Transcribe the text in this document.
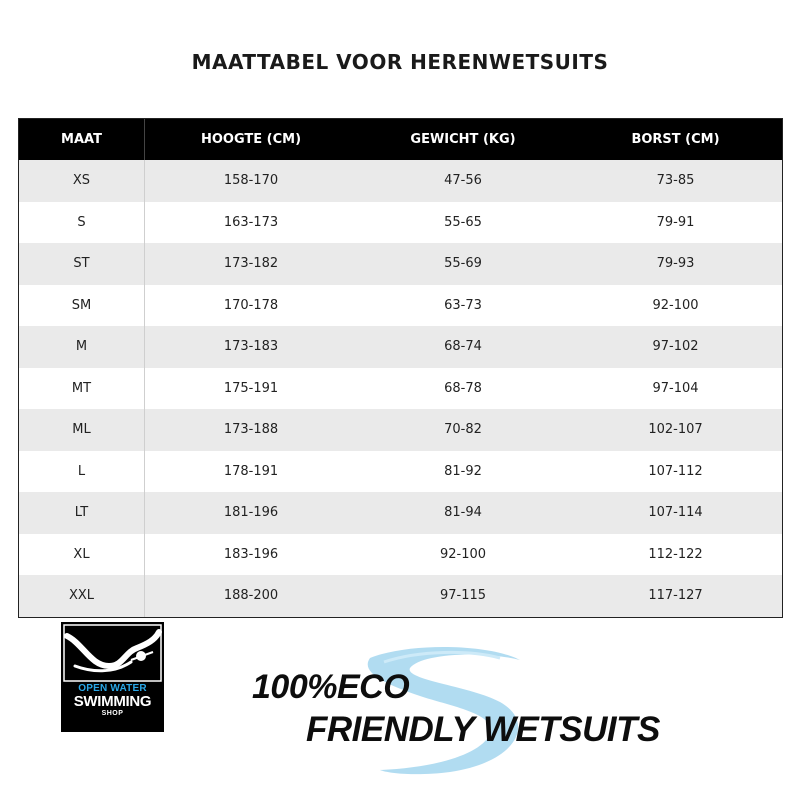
MAATTABEL VOOR HERENWETSUITS
MAAT	HOOGTE (CM)	GEWICHT (KG)	BORST (CM)
XS	158-170	47-56	73-85
S	163-173	55-65	79-91
ST	173-182	55-69	79-93
SM	170-178	63-73	92-100
M	173-183	68-74	97-102
MT	175-191	68-78	97-104
ML	173-188	70-82	102-107
L	178-191	81-92	107-112
LT	181-196	81-94	107-114
XL	183-196	92-100	112-122
XXL	188-200	97-115	117-127
OPEN WATER
SWIMMING
SHOP
100%ECO
FRIENDLY WETSUITS
